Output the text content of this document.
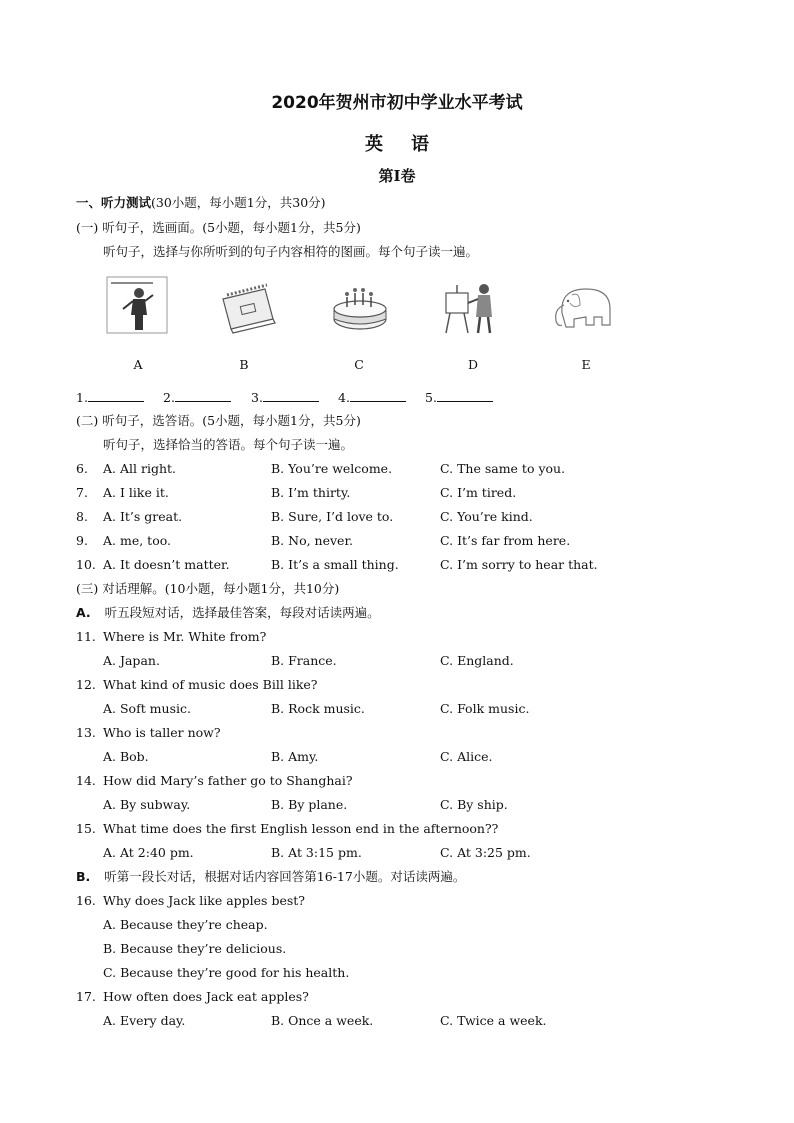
2020年贺州市初中学业水平考试
英语
第I卷
一、听力测试(30小题，每小题1分，共30分)
(一) 听句子，选画面。(5小题，每小题1分，共5分)
听句子，选择与你所听到的句子内容相符的图画。每个句子读一遍。
A	B	C	D	E
1.	2.	3.	4.	5.
(二) 听句子，选答语。(5小题，每小题1分，共5分)
听句子，选择恰当的答语。每个句子读一遍。
6. A. All right.	B. You’re welcome.	C. The same to you.
7. A. I like it.	B. I’m thirty.	C. I’m tired.
8. A. It’s great.	B. Sure, I’d love to.	C. You’re kind.
9. A. me, too.	B. No, never.	C. It’s far from here.
10. A. It doesn’t matter.	B. It’s a small thing.	C. I’m sorry to hear that.
(三) 对话理解。(10小题，每小题1分，共10分)
A. 听五段短对话，选择最佳答案，每段对话读两遍。
11. Where is Mr. White from?
A. Japan.	B. France.	C. England.
12. What kind of music does Bill like?
A. Soft music.	B. Rock music.	C. Folk music.
13. Who is taller now?
A. Bob.	B. Amy.	C. Alice.
14. How did Mary’s father go to Shanghai?
A. By subway.	B. By plane.	C. By ship.
15. What time does the first English lesson end in the afternoon??
A. At 2:40 pm.	B. At 3:15 pm.	C. At 3:25 pm.
B. 听第一段长对话，根据对话内容回答第16-17小题。对话读两遍。
16. Why does Jack like apples best?
A. Because they’re cheap.
B. Because they’re delicious.
C. Because they’re good for his health.
17. How often does Jack eat apples?
A. Every day.	B. Once a week.	C. Twice a week.
